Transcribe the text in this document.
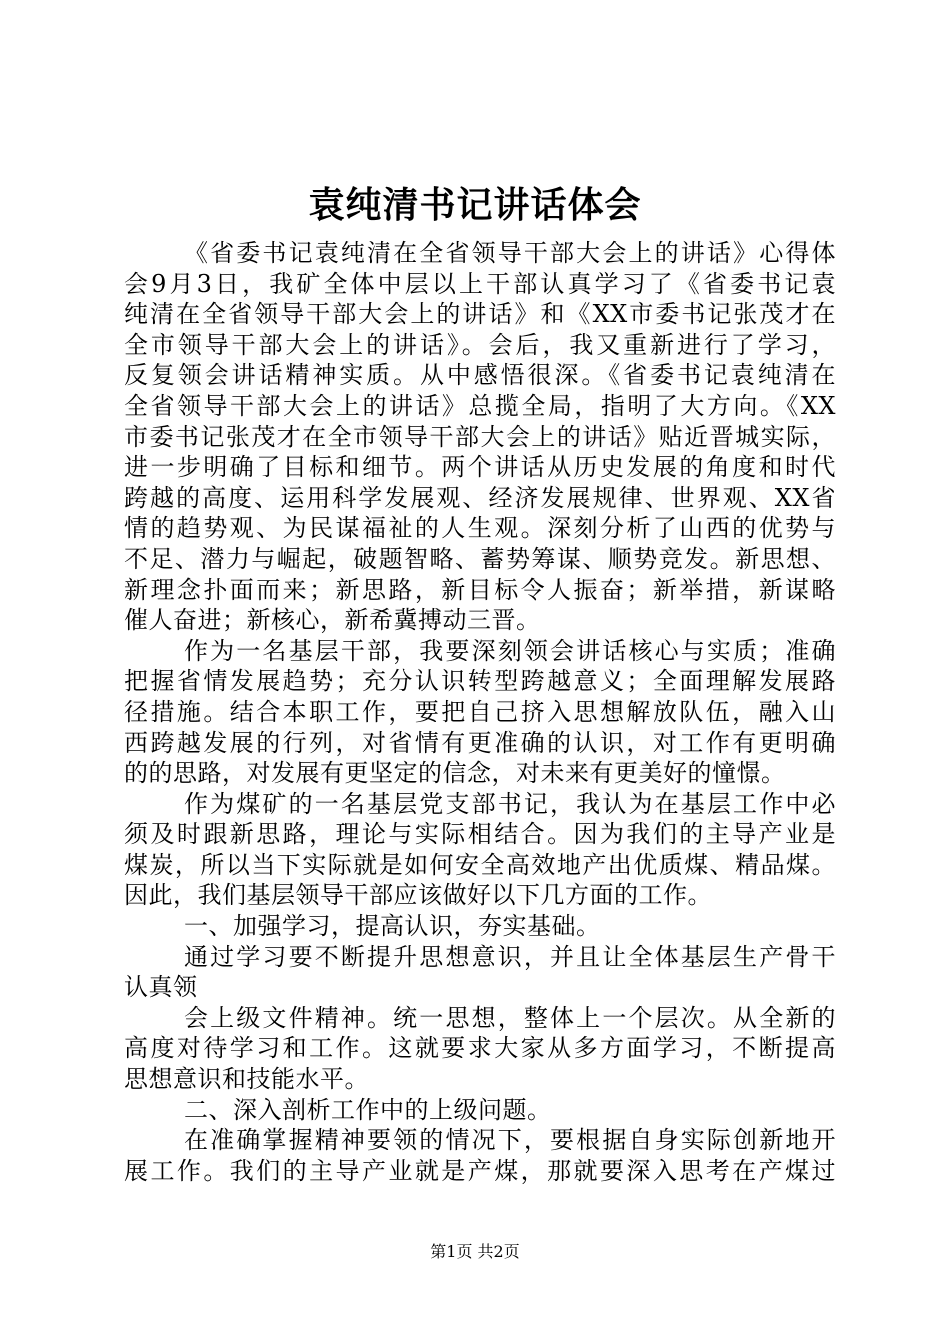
袁纯清书记讲话体会
《省委书记袁纯清在全省领导干部大会上的讲话》心得体
会9月3日，我矿全体中层以上干部认真学习了《省委书记袁
纯清在全省领导干部大会上的讲话》和《XX市委书记张茂才在
全市领导干部大会上的讲话》。会后，我又重新进行了学习，
反复领会讲话精神实质。从中感悟很深。《省委书记袁纯清在
全省领导干部大会上的讲话》总揽全局，指明了大方向。《XX
市委书记张茂才在全市领导干部大会上的讲话》贴近晋城实际，
进一步明确了目标和细节。两个讲话从历史发展的角度和时代
跨越的高度、运用科学发展观、经济发展规律、世界观、XX省
情的趋势观、为民谋福祉的人生观。深刻分析了山西的优势与
不足、潜力与崛起，破题智略、蓄势筹谋、顺势竞发。新思想、
新理念扑面而来；新思路，新目标令人振奋；新举措，新谋略
催人奋进；新核心，新希冀搏动三晋。
作为一名基层干部，我要深刻领会讲话核心与实质；准确
把握省情发展趋势；充分认识转型跨越意义；全面理解发展路
径措施。结合本职工作，要把自己挤入思想解放队伍，融入山
西跨越发展的行列，对省情有更准确的认识，对工作有更明确
的的思路，对发展有更坚定的信念，对未来有更美好的憧憬。
作为煤矿的一名基层党支部书记，我认为在基层工作中必
须及时跟新思路，理论与实际相结合。因为我们的主导产业是
煤炭，所以当下实际就是如何安全高效地产出优质煤、精品煤。
因此，我们基层领导干部应该做好以下几方面的工作。
一、加强学习，提高认识，夯实基础。
通过学习要不断提升思想意识，并且让全体基层生产骨干
认真领
会上级文件精神。统一思想，整体上一个层次。从全新的
高度对待学习和工作。这就要求大家从多方面学习，不断提高
思想意识和技能水平。
二、深入剖析工作中的上级问题。
在准确掌握精神要领的情况下，要根据自身实际创新地开
展工作。我们的主导产业就是产煤，那就要深入思考在产煤过
第1页 共2页
